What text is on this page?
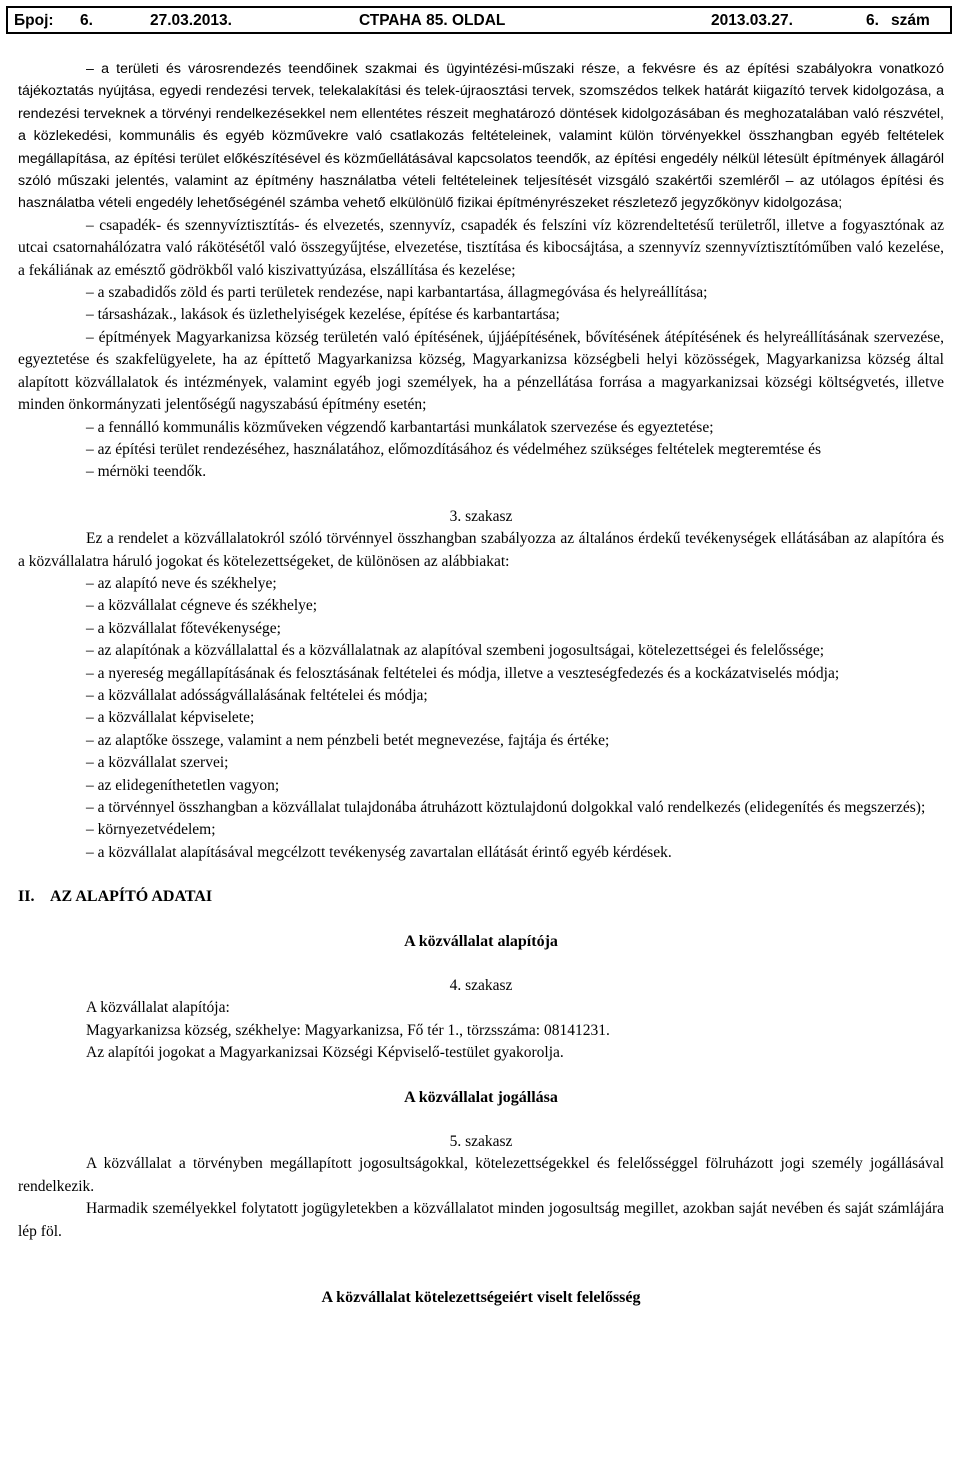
Број: 6.	27.03.2013.	СТРАНА 85. OLDAL	2013.03.27.	6. szám
– a területi és városrendezés teendőinek szakmai és ügyintézési-műszaki része, a fekvésre és az építési szabályokra vonatkozó tájékoztatás nyújtása, egyedi rendezési tervek, telekalakítási és telek-újraosztási tervek, szomszédos telkek határát kiigazító tervek kidolgozása, a rendezési terveknek a törvényi rendelkezésekkel nem ellentétes részeit meghatározó döntések kidolgozásában és meghozatalában való részvétel, a közlekedési, kommunális és egyéb közművekre való csatlakozás feltételeinek, valamint külön törvényekkel összhangban egyéb feltételek megállapítása, az építési terület előkészítésével és közműellátásával kapcsolatos teendők, az építési engedély nélkül létesült építmények állagáról szóló műszaki jelentés, valamint az építmény használatba vételi feltételeinek teljesítését vizsgáló szakértői szemléről – az utólagos építési és használatba vételi engedély lehetőségénél számba vehető elkülönülő fizikai építményrészeket részletező jegyzőkönyv kidolgozása;
– csapadék- és szennyvíztisztítás- és elvezetés, szennyvíz, csapadék és felszíni víz közrendeltetésű területről, illetve a fogyasztónak az utcai csatornahálózatra való rákötésétől való összegyűjtése, elvezetése, tisztítása és kibocsájtása, a szennyvíz szennyvíztisztítóműben való kezelése, a fekáliának az emésztő gödrökből való kiszivattyúzása, elszállítása és kezelése;
– a szabadidős zöld és parti területek rendezése, napi karbantartása, állagmegóvása és helyreállítása;
– társasházak., lakások és üzlethelyiségek kezelése, építése és karbantartása;
– építmények Magyarkanizsa község területén való építésének, újjáépítésének, bővítésének átépítésének és helyreállításának szervezése, egyeztetése és szakfelügyelete, ha az építtető Magyarkanizsa község, Magyarkanizsa községbeli helyi közösségek, Magyarkanizsa község által alapított közvállalatok és intézmények, valamint egyéb jogi személyek, ha a pénzellátása forrása a magyarkanizsai községi költségvetés, illetve minden önkormányzati jelentőségű nagyszabású építmény esetén;
– a fennálló kommunális közműveken végzendő karbantartási munkálatok szervezése és egyeztetése;
– az építési terület rendezéséhez, használatához, előmozdításához és védelméhez szükséges feltételek megteremtése és
– mérnöki teendők.
3. szakasz
Ez a rendelet a közvállalatokról szóló törvénnyel összhangban szabályozza az általános érdekű tevékenységek ellátásában az alapítóra és a közvállalatra háruló jogokat és kötelezettségeket, de különösen az alábbiakat:
– az alapító neve és székhelye;
– a közvállalat cégneve és székhelye;
– a közvállalat főtevékenysége;
– az alapítónak a közvállalattal és a közvállalatnak az alapítóval szembeni jogosultságai, kötelezettségei és felelőssége;
– a nyereség megállapításának és felosztásának feltételei és módja, illetve a veszteségfedezés és a kockázatviselés módja;
– a közvállalat adósságvállalásának feltételei és módja;
– a közvállalat képviselete;
– az alaptőke összege, valamint a nem pénzbeli betét megnevezése, fajtája és értéke;
– a közvállalat szervei;
– az elidegeníthetetlen vagyon;
– a törvénnyel összhangban a közvállalat tulajdonába átruházott köztulajdonú dolgokkal való rendelkezés (elidegenítés és megszerzés);
– környezetvédelem;
– a közvállalat alapításával megcélzott tevékenység zavartalan ellátását érintő egyéb kérdések.
II. AZ ALAPÍTÓ ADATAI
A közvállalat alapítója
4. szakasz
A közvállalat alapítója:
Magyarkanizsa község, székhelye: Magyarkanizsa, Fő tér 1., törzsszáma: 08141231.
Az alapítói jogokat a Magyarkanizsai Községi Képviselő-testület gyakorolja.
A közvállalat jogállása
5. szakasz
A közvállalat a törvényben megállapított jogosultságokkal, kötelezettségekkel és felelősséggel fölruházott jogi személy jogállásával rendelkezik.
Harmadik személyekkel folytatott jogügyletekben a közvállalatot minden jogosultság megillet, azokban saját nevében és saját számlájára lép föl.
A közvállalat kötelezettségeiért viselt felelősség
